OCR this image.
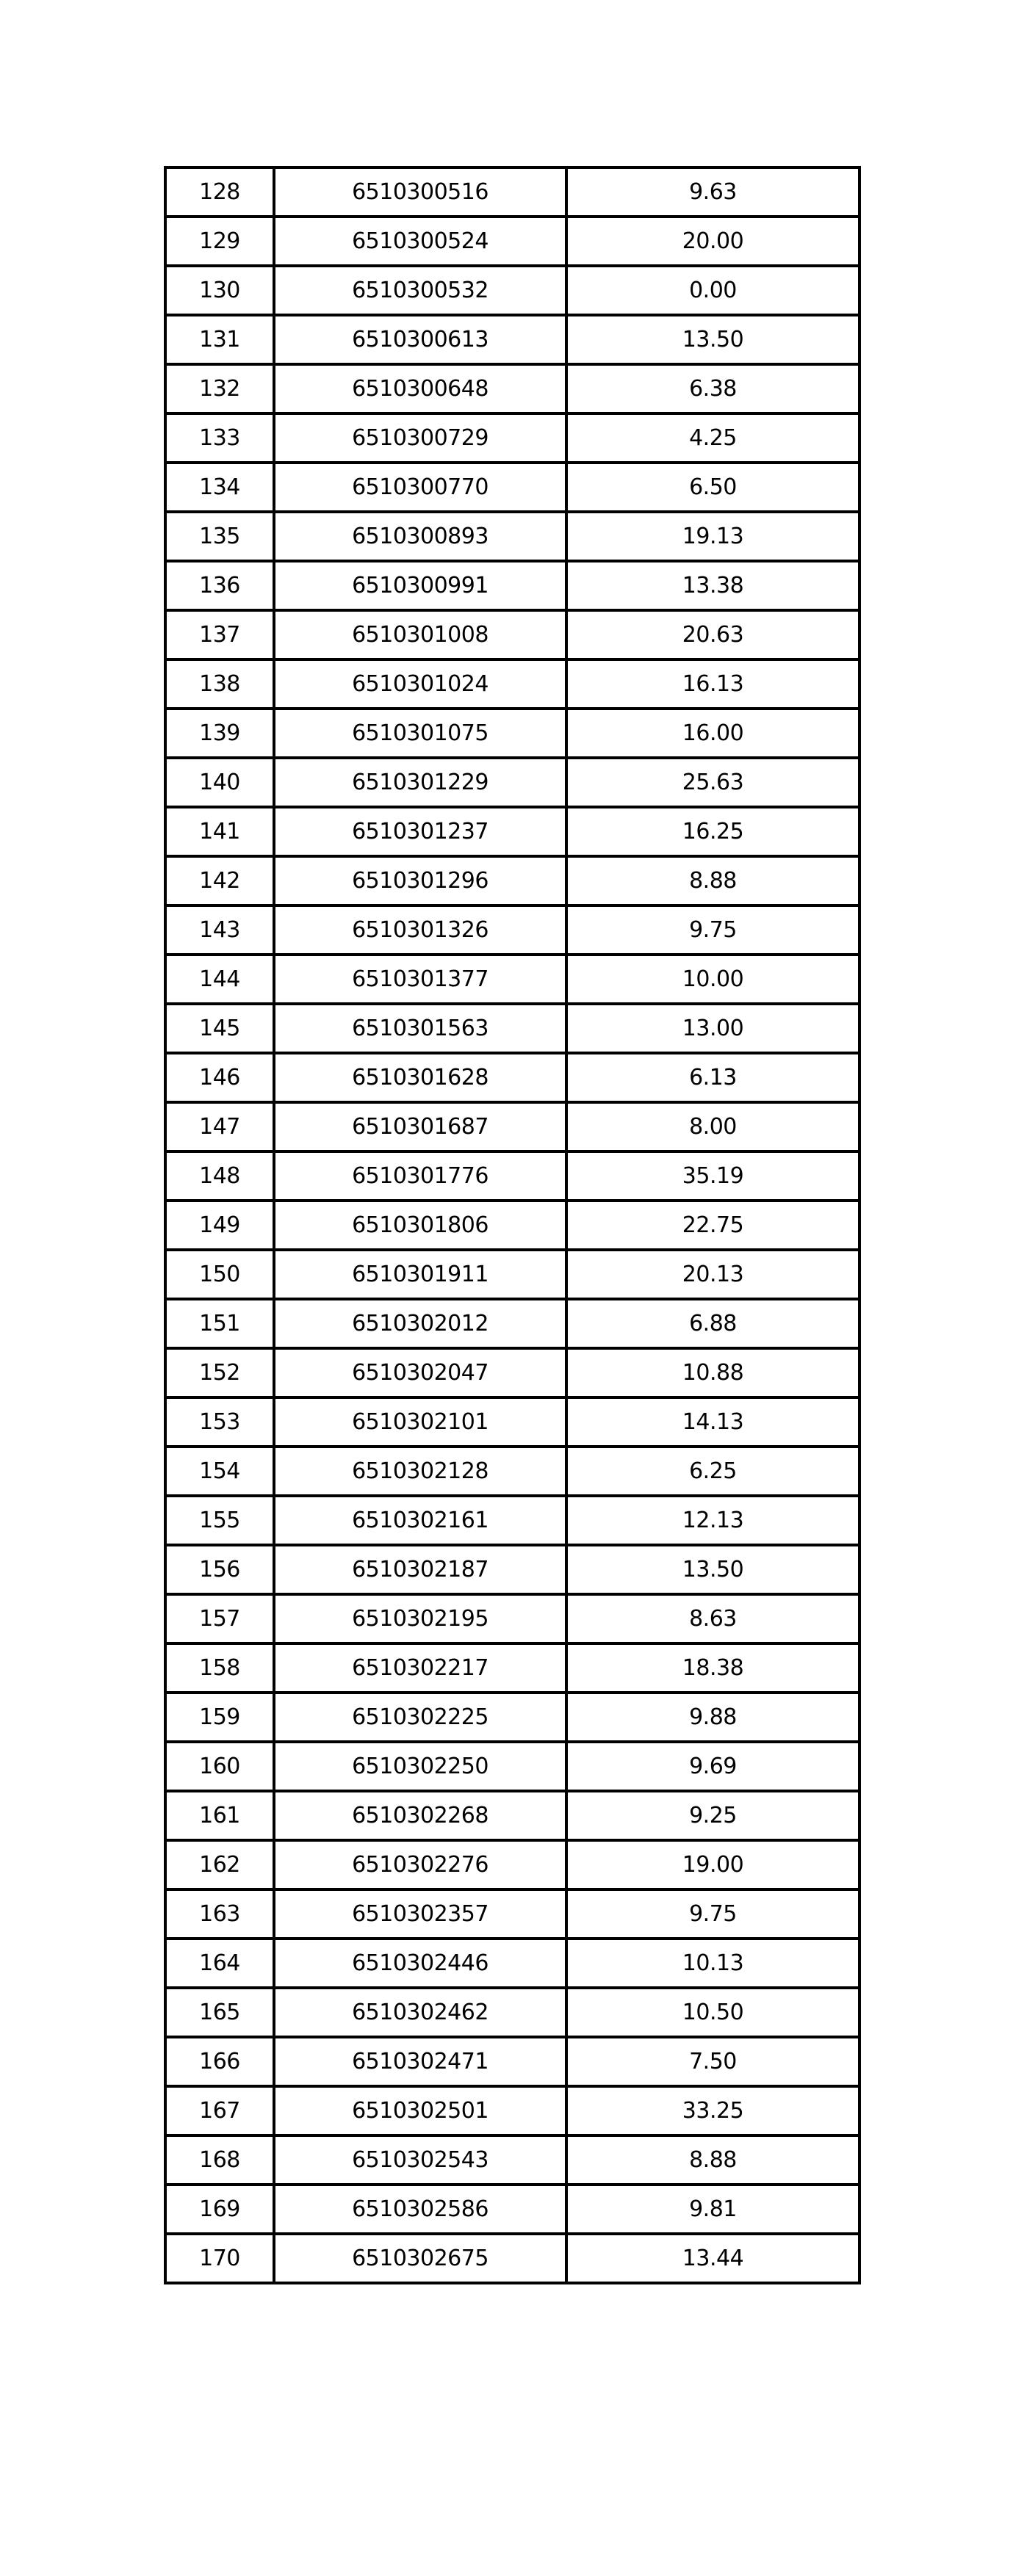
128	6510300516	9.63
129	6510300524	20.00
130	6510300532	0.00
131	6510300613	13.50
132	6510300648	6.38
133	6510300729	4.25
134	6510300770	6.50
135	6510300893	19.13
136	6510300991	13.38
137	6510301008	20.63
138	6510301024	16.13
139	6510301075	16.00
140	6510301229	25.63
141	6510301237	16.25
142	6510301296	8.88
143	6510301326	9.75
144	6510301377	10.00
145	6510301563	13.00
146	6510301628	6.13
147	6510301687	8.00
148	6510301776	35.19
149	6510301806	22.75
150	6510301911	20.13
151	6510302012	6.88
152	6510302047	10.88
153	6510302101	14.13
154	6510302128	6.25
155	6510302161	12.13
156	6510302187	13.50
157	6510302195	8.63
158	6510302217	18.38
159	6510302225	9.88
160	6510302250	9.69
161	6510302268	9.25
162	6510302276	19.00
163	6510302357	9.75
164	6510302446	10.13
165	6510302462	10.50
166	6510302471	7.50
167	6510302501	33.25
168	6510302543	8.88
169	6510302586	9.81
170	6510302675	13.44
